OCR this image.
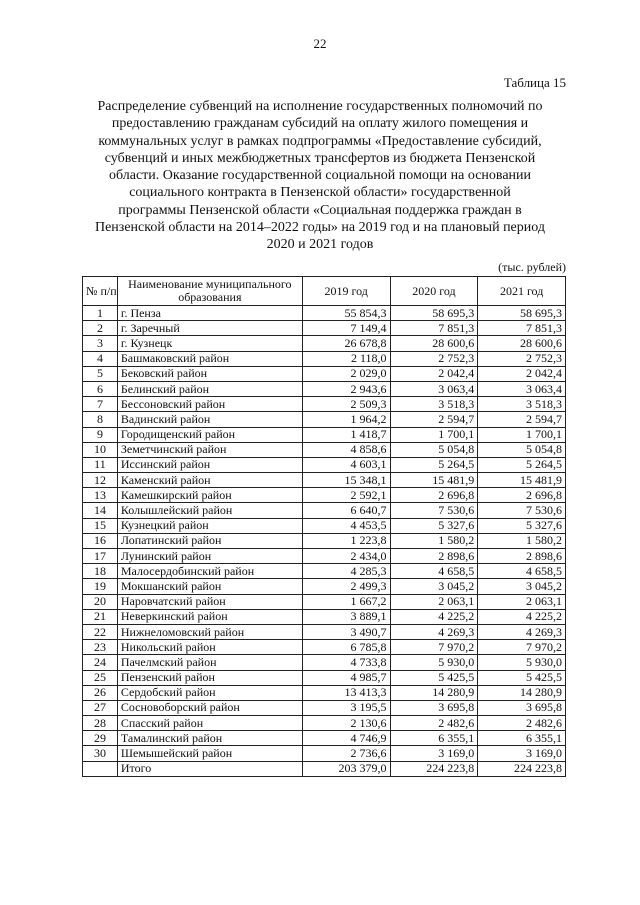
22
Таблица 15
Распределение субвенций на исполнение государственных полномочий по
предоставлению гражданам субсидий на оплату жилого помещения и
коммунальных услуг в рамках подпрограммы «Предоставление субсидий,
субвенций и иных межбюджетных трансфертов из бюджета Пензенской
области. Оказание государственной социальной помощи на основании
социального контракта в Пензенской области» государственной
программы Пензенской области «Социальная поддержка граждан в
Пензенской области на 2014–2022 годы» на 2019 год и на плановый период
2020 и 2021 годов
(тыс. рублей)
№ п/п	Наименование муниципального образования	2019 год	2020 год	2021 год
1	г. Пенза	55 854,3	58 695,3	58 695,3
2	г. Заречный	7 149,4	7 851,3	7 851,3
3	г. Кузнецк	26 678,8	28 600,6	28 600,6
4	Башмаковский район	2 118,0	2 752,3	2 752,3
5	Бековский район	2 029,0	2 042,4	2 042,4
6	Белинский район	2 943,6	3 063,4	3 063,4
7	Бессоновский район	2 509,3	3 518,3	3 518,3
8	Вадинский район	1 964,2	2 594,7	2 594,7
9	Городищенский район	1 418,7	1 700,1	1 700,1
10	Земетчинский район	4 858,6	5 054,8	5 054,8
11	Иссинский район	4 603,1	5 264,5	5 264,5
12	Каменский район	15 348,1	15 481,9	15 481,9
13	Камешкирский район	2 592,1	2 696,8	2 696,8
14	Колышлейский район	6 640,7	7 530,6	7 530,6
15	Кузнецкий район	4 453,5	5 327,6	5 327,6
16	Лопатинский район	1 223,8	1 580,2	1 580,2
17	Лунинский район	2 434,0	2 898,6	2 898,6
18	Малосердобинский район	4 285,3	4 658,5	4 658,5
19	Мокшанский район	2 499,3	3 045,2	3 045,2
20	Наровчатский район	1 667,2	2 063,1	2 063,1
21	Неверкинский район	3 889,1	4 225,2	4 225,2
22	Нижнеломовский район	3 490,7	4 269,3	4 269,3
23	Никольский район	6 785,8	7 970,2	7 970,2
24	Пачелмский район	4 733,8	5 930,0	5 930,0
25	Пензенский район	4 985,7	5 425,5	5 425,5
26	Сердобский район	13 413,3	14 280,9	14 280,9
27	Сосновоборский район	3 195,5	3 695,8	3 695,8
28	Спасский район	2 130,6	2 482,6	2 482,6
29	Тамалинский район	4 746,9	6 355,1	6 355,1
30	Шемышейский район	2 736,6	3 169,0	3 169,0
	Итого	203 379,0	224 223,8	224 223,8
